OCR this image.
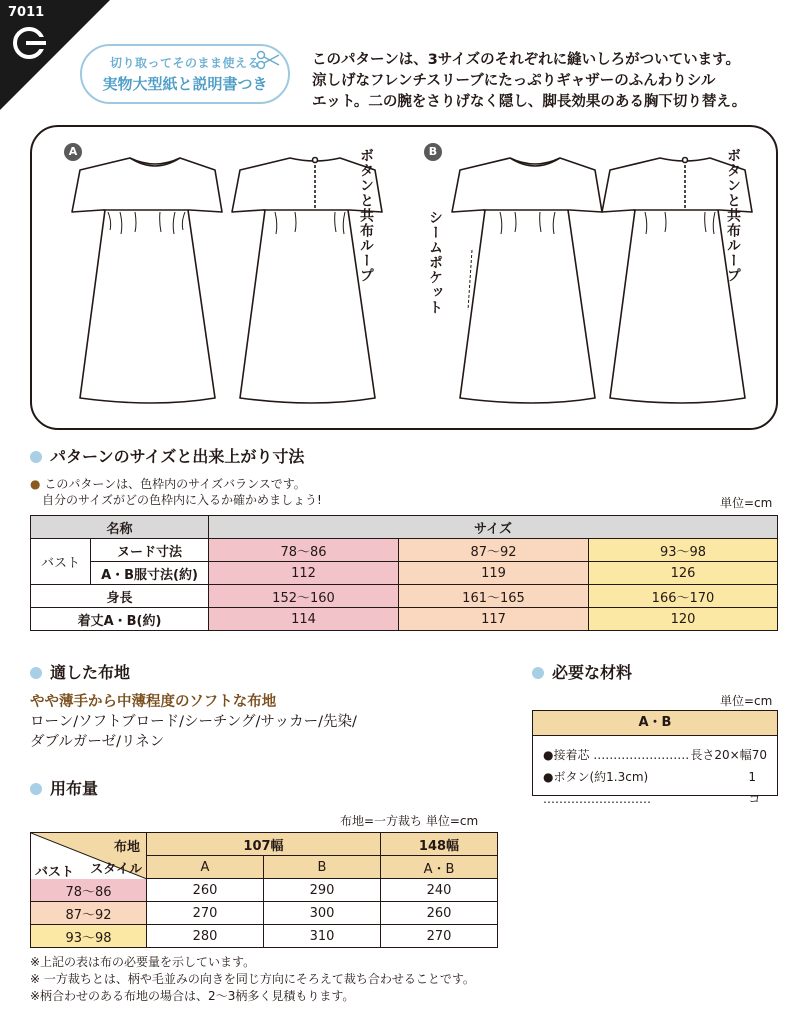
7011
切り取ってそのまま使える
実物大型紙と説明書つき
このパターンは、3サイズのそれぞれに縫いしろがついています。
涼しげなフレンチスリーブにたっぷりギャザーのふんわりシル
エット。二の腕をさりげなく隠し、脚長効果のある胸下切り替え。
A	B
ボタンと共布ループ	シームポケット	ボタンと共布ループ
パターンのサイズと出来上がり寸法
● このパターンは、色枠内のサイズバランスです。
自分のサイズがどの色枠内に入るか確かめましょう!	単位=cm
名称		サイズ		
バスト	ヌード寸法	78〜86	87〜92	93〜98
	A・B服寸法(約)	112	119	126
身長		152〜160	161〜165	166〜170
着丈A・B(約)		114	117	120
適した布地
やや薄手から中薄程度のソフトな布地
ローン/ソフトブロード/シーチング/サッカー/先染/
ダブルガーゼ/リネン
必要な材料
単位=cm
A・B
●接着芯 …………………… 長さ20×幅70
●ボタン(約1.3cm) ………………………
1コ
用布量
布地=一方裁ち 単位=cm
布地
スタイル
バスト	107幅		148幅
	A	B	A・B
78〜86	260	290	240
87〜92	270	300	260
93〜98	280	310	270
※上記の表は布の必要量を示しています。
※ 一方裁ちとは、柄や毛並みの向きを同じ方向にそろえて裁ち合わせることです。
※柄合わせのある布地の場合は、2〜3柄多く見積もります。
